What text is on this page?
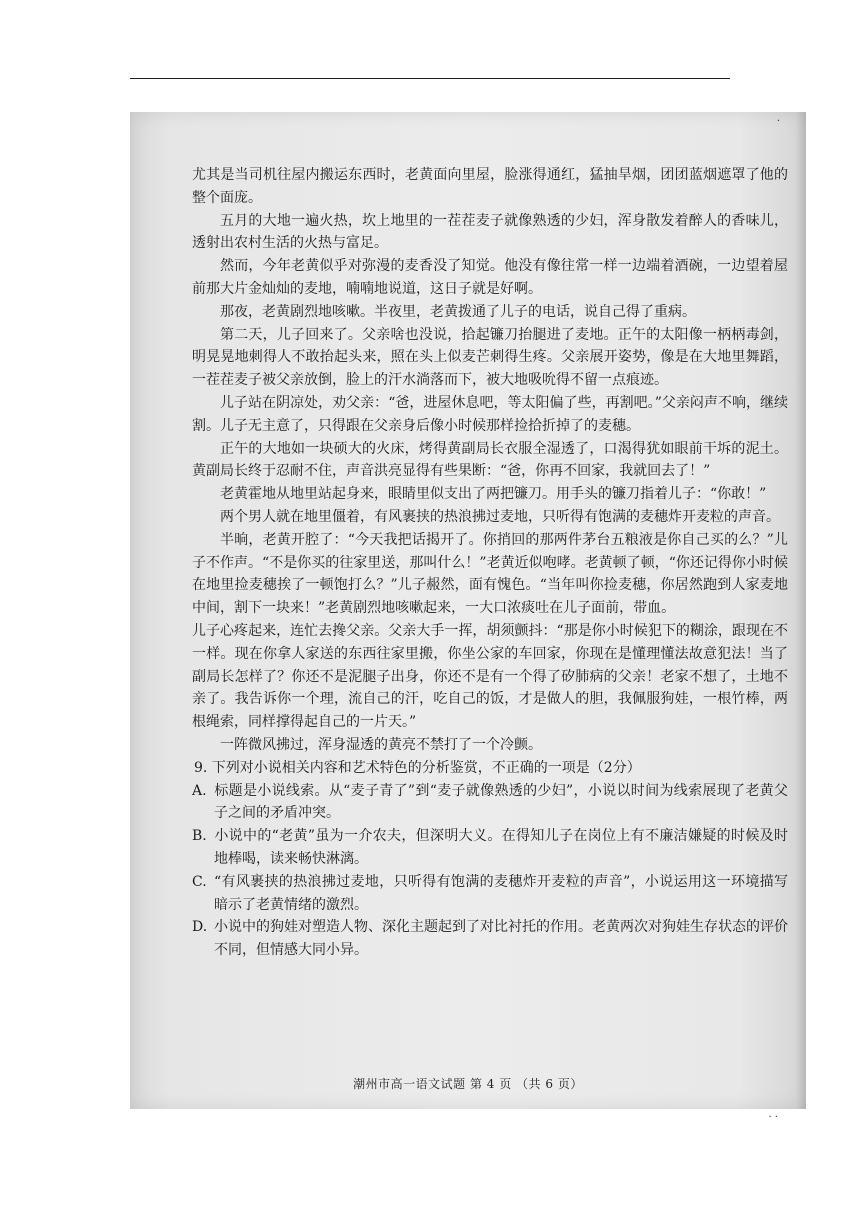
·

尤其是当司机往屋内搬运东西时，老黄面向里屋，脸涨得通红，猛抽旱烟，团团蓝烟遮罩了他的整个面庞。

五月的大地一遍火热，坎上地里的一茬茬麦子就像熟透的少妇，浑身散发着醉人的香味儿，透射出农村生活的火热与富足。

然而，今年老黄似乎对弥漫的麦香没了知觉。他没有像往常一样一边端着酒碗，一边望着屋前那大片金灿灿的麦地，喃喃地说道，这日子就是好啊。

那夜，老黄剧烈地咳嗽。半夜里，老黄拨通了儿子的电话，说自己得了重病。

第二天，儿子回来了。父亲啥也没说，拾起镰刀抬腿进了麦地。正午的太阳像一柄柄毒剑，明晃晃地刺得人不敢抬起头来，照在头上似麦芒刺得生疼。父亲展开姿势，像是在大地里舞蹈，一茬茬麦子被父亲放倒，脸上的汗水淌落而下，被大地吸吮得不留一点痕迹。

儿子站在阴凉处，劝父亲：“爸，进屋休息吧，等太阳偏了些，再割吧。”父亲闷声不响，继续割。儿子无主意了，只得跟在父亲身后像小时候那样捡拾折掉了的麦穗。

正午的大地如一块硕大的火床，烤得黄副局长衣服全湿透了，口渴得犹如眼前干坼的泥土。黄副局长终于忍耐不住，声音洪亮显得有些果断：“爸，你再不回家，我就回去了！”

老黄霍地从地里站起身来，眼睛里似支出了两把镰刀。用手头的镰刀指着儿子：“你敢！”

两个男人就在地里僵着，有风裹挟的热浪拂过麦地，只听得有饱满的麦穗炸开麦粒的声音。

半晌，老黄开腔了：“今天我把话揭开了。你捎回的那两件茅台五粮液是你自己买的么？”儿子不作声。“不是你买的往家里送，那叫什么！”老黄近似咆哮。老黄顿了顿，“你还记得你小时候在地里捡麦穗挨了一顿饱打么？”儿子赧然，面有愧色。“当年叫你捡麦穗，你居然跑到人家麦地中间，割下一块来！”老黄剧烈地咳嗽起来，一大口浓痰吐在儿子面前，带血。

儿子心疼起来，连忙去搀父亲。父亲大手一挥，胡须颤抖：“那是你小时候犯下的糊涂，跟现在不一样。现在你拿人家送的东西往家里搬，你坐公家的车回家，你现在是懂理懂法故意犯法！当了副局长怎样了？你还不是泥腿子出身，你还不是有一个得了矽肺病的父亲！老家不想了，土地不亲了。我告诉你一个理，流自己的汗，吃自己的饭，才是做人的胆，我佩服狗娃，一根竹棒，两根绳索，同样撑得起自己的一片天。”

一阵微风拂过，浑身湿透的黄亮不禁打了一个冷颤。

9. 下列对小说相关内容和艺术特色的分析鉴赏，不正确的一项是（2分）

A. 标题是小说线索。从“麦子青了”到“麦子就像熟透的少妇”，小说以时间为线索展现了老黄父子之间的矛盾冲突。

B. 小说中的“老黄”虽为一介农夫，但深明大义。在得知儿子在岗位上有不廉洁嫌疑的时候及时地棒喝，读来畅快淋漓。

C. “有风裹挟的热浪拂过麦地，只听得有饱满的麦穗炸开麦粒的声音”，小说运用这一环境描写暗示了老黄情绪的激烈。

D. 小说中的狗娃对塑造人物、深化主题起到了对比衬托的作用。老黄两次对狗娃生存状态的评价不同，但情感大同小异。

潮州市高一语文试题 第 4 页 （共 6 页）
· ·
